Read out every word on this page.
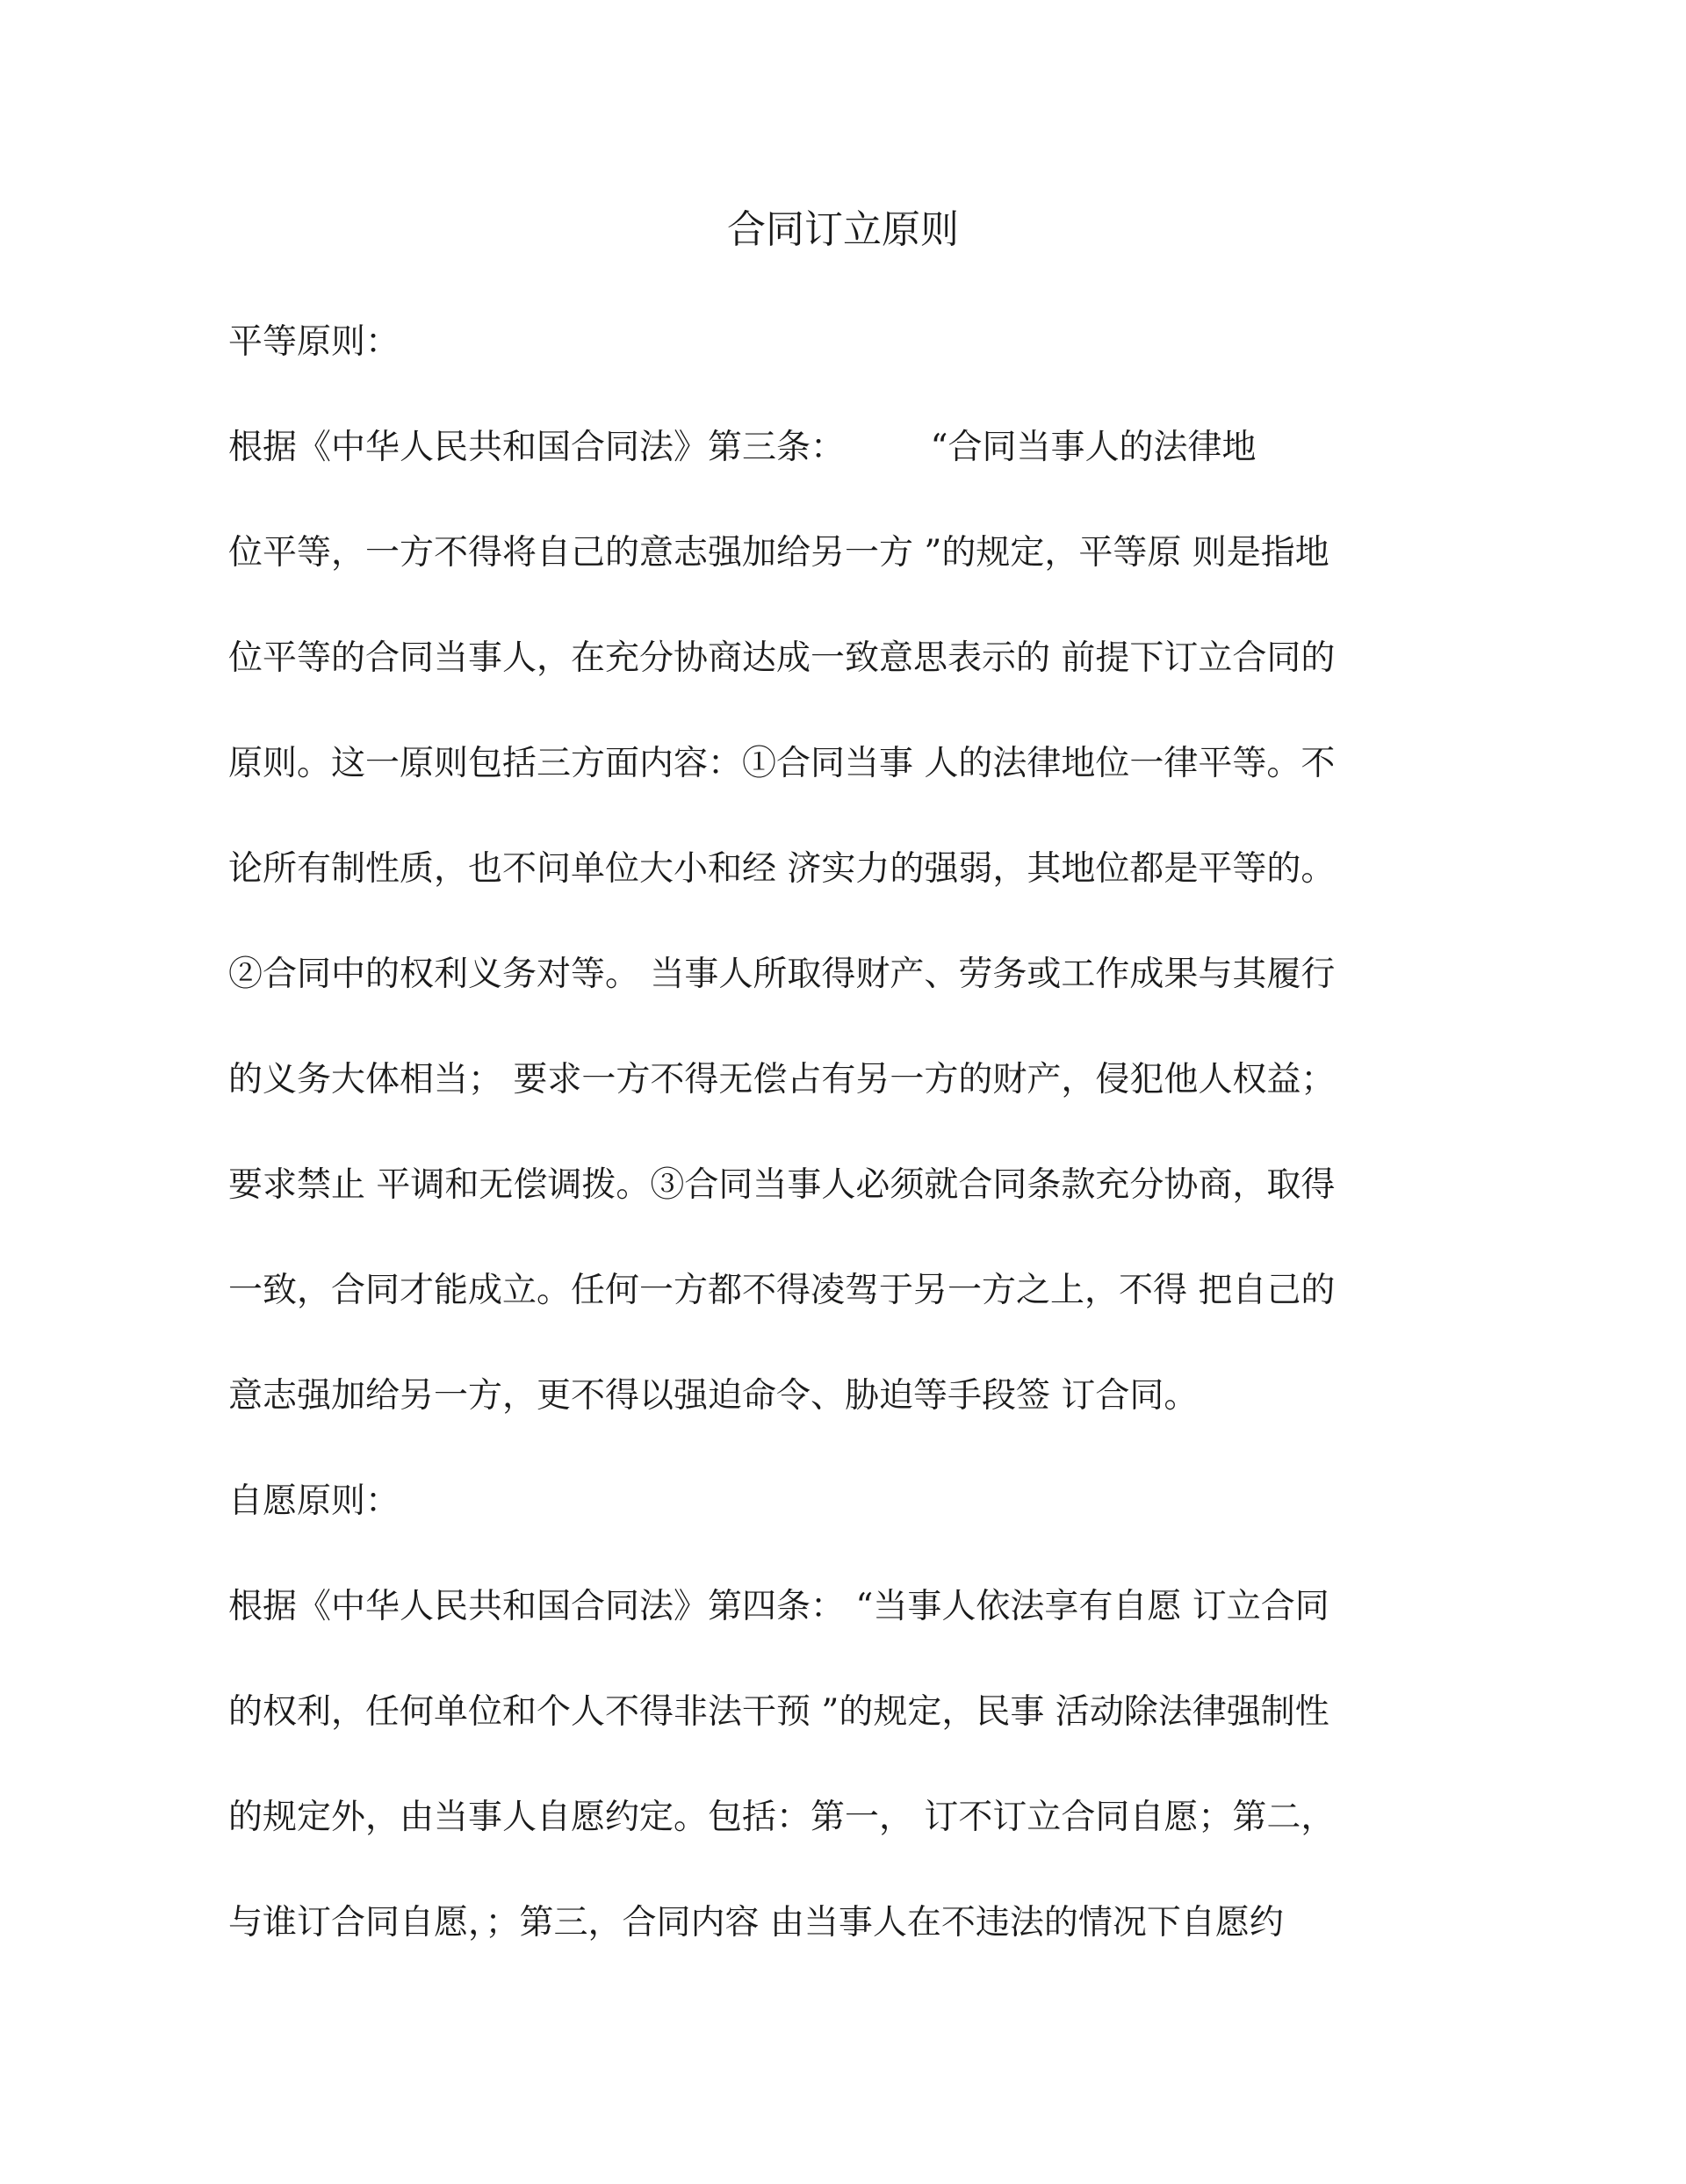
合同订立原则
平等原则：
根据《中华人民共和国合同法》第三条：　　　“合同当事人的法律地
位平等，一方不得将自己的意志强加给另一方 ”的规定，平等原 则是指地
位平等的合同当事人，在充分协商达成一致意思表示的 前提下订立合同的
原则。这一原则包括三方面内容：①合同当事 人的法律地位一律平等。不
论所有制性质，也不问单位大小和经 济实力的强弱，其地位都是平等的。
②合同中的权利义务对等。 当事人所取得财产、劳务或工作成果与其履行
的义务大体相当； 要求一方不得无偿占有另一方的财产，侵犯他人权益；
要求禁止 平调和无偿调拨。③合同当事人必须就合同条款充分协商，取得
一致，合同才能成立。任何一方都不得凌驾于另一方之上，不得 把自己的
意志强加给另一方，更不得以强迫命令、胁迫等手段签 订合同。
自愿原则：
根据《中华人民共和国合同法》第四条： “当事人依法享有自愿 订立合同
的权利，任何单位和个人不得非法干预 ”的规定，民事 活动除法律强制性
的规定外，由当事人自愿约定。包括：第一， 订不订立合同自愿；第二，
与谁订合同自愿，；第三，合同内容 由当事人在不违法的情况下自愿约
